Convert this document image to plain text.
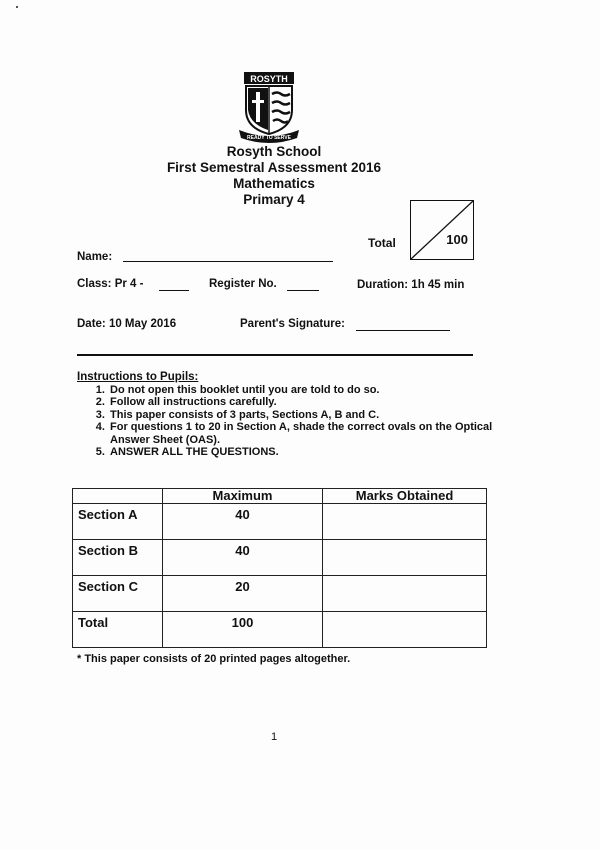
ROSYTH
READY TO SERVE
Rosyth School
First Semestral Assessment 2016
Mathematics
Primary 4
Total	100
Name:
Class: Pr 4 -	Register No.	Duration: 1h 45 min
Date: 10 May 2016	Parent's Signature:
Instructions to Pupils:
1. Do not open this booklet until you are told to do so.
2. Follow all instructions carefully.
3. This paper consists of 3 parts, Sections A, B and C.
4. For questions 1 to 20 in Section A, shade the correct ovals on the Optical Answer Sheet (OAS).
5. ANSWER ALL THE QUESTIONS.
	Maximum	Marks Obtained
Section A	40	
Section B	40	
Section C	20	
Total	100	
* This paper consists of 20 printed pages altogether.
1
